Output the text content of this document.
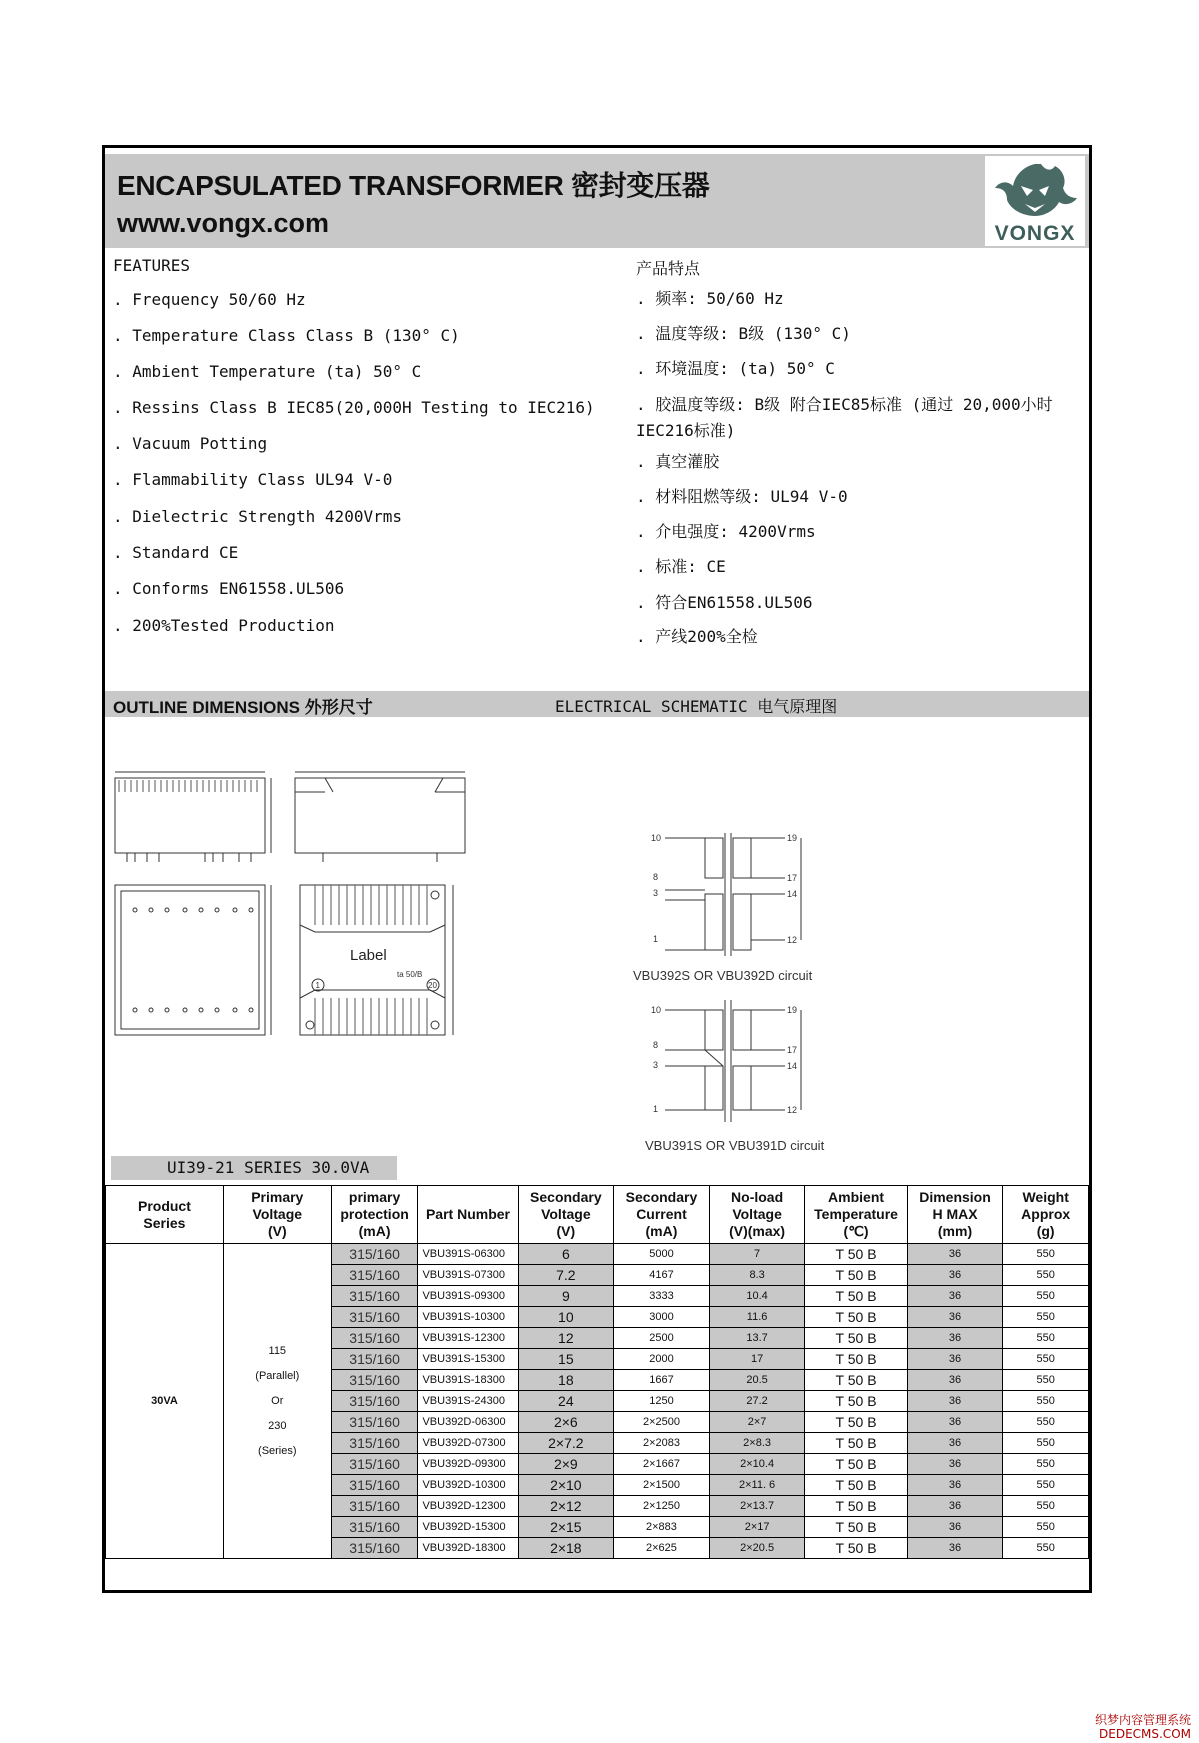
ENCAPSULATED TRANSFORMER 密封变压器
www.vongx.com	VONGX
FEATURES
. Frequency 50/60 Hz
. Temperature Class Class B (130° C)
. Ambient Temperature (ta) 50° C
. Ressins Class B IEC85(20,000H Testing to IEC216)
. Vacuum Potting
. Flammability Class UL94 V-0
. Dielectric Strength 4200Vrms
. Standard CE
. Conforms EN61558.UL506
. 200%Tested Production
产品特点
. 频率: 50/60 Hz
. 温度等级: B级 (130° C)
. 环境温度: (ta) 50° C
. 胶温度等级: B级 附合IEC85标准 (通过 20,000小时 IEC216标准)
. 真空灌胶
. 材料阻燃等级: UL94 V-0
. 介电强度: 4200Vrms
. 标准: CE
. 符合EN61558.UL506
. 产线200%全检
OUTLINE DIMENSIONS 外形尺寸	ELECTRICAL SCHEMATIC 电气原理图
Label
ta 50/B
1	20
10
8
3
1
19
17
14
12
VBU392S OR VBU392D circuit
10
8
3
1
19
17
14
12
VBU391S OR VBU391D circuit
UI39-21 SERIES 30.0VA
Product
Series	Primary
Voltage
(V)	primary
protection
(mA)	Part Number	Secondary
Voltage
(V)	Secondary
Current
(mA)	No-load
Voltage
(V)(max)	Ambient
Temperature
(℃)	Dimension
H MAX
(mm)	Weight
Approx
(g)
30VA	115
(Parallel)
Or
230
(Series)	315/160	VBU391S-06300	6	5000	7	T 50 B	36	550
		315/160	VBU391S-07300	7.2	4167	8.3	T 50 B	36	550
		315/160	VBU391S-09300	9	3333	10.4	T 50 B	36	550
		315/160	VBU391S-10300	10	3000	11.6	T 50 B	36	550
		315/160	VBU391S-12300	12	2500	13.7	T 50 B	36	550
		315/160	VBU391S-15300	15	2000	17	T 50 B	36	550
		315/160	VBU391S-18300	18	1667	20.5	T 50 B	36	550
		315/160	VBU391S-24300	24	1250	27.2	T 50 B	36	550
		315/160	VBU392D-06300	2×6	2×2500	2×7	T 50 B	36	550
		315/160	VBU392D-07300	2×7.2	2×2083	2×8.3	T 50 B	36	550
		315/160	VBU392D-09300	2×9	2×1667	2×10.4	T 50 B	36	550
		315/160	VBU392D-10300	2×10	2×1500	2×11. 6	T 50 B	36	550
		315/160	VBU392D-12300	2×12	2×1250	2×13.7	T 50 B	36	550
		315/160	VBU392D-15300	2×15	2×883	2×17	T 50 B	36	550
		315/160	VBU392D-18300	2×18	2×625	2×20.5	T 50 B	36	550
织梦内容管理系统
DEDECMS.COM
